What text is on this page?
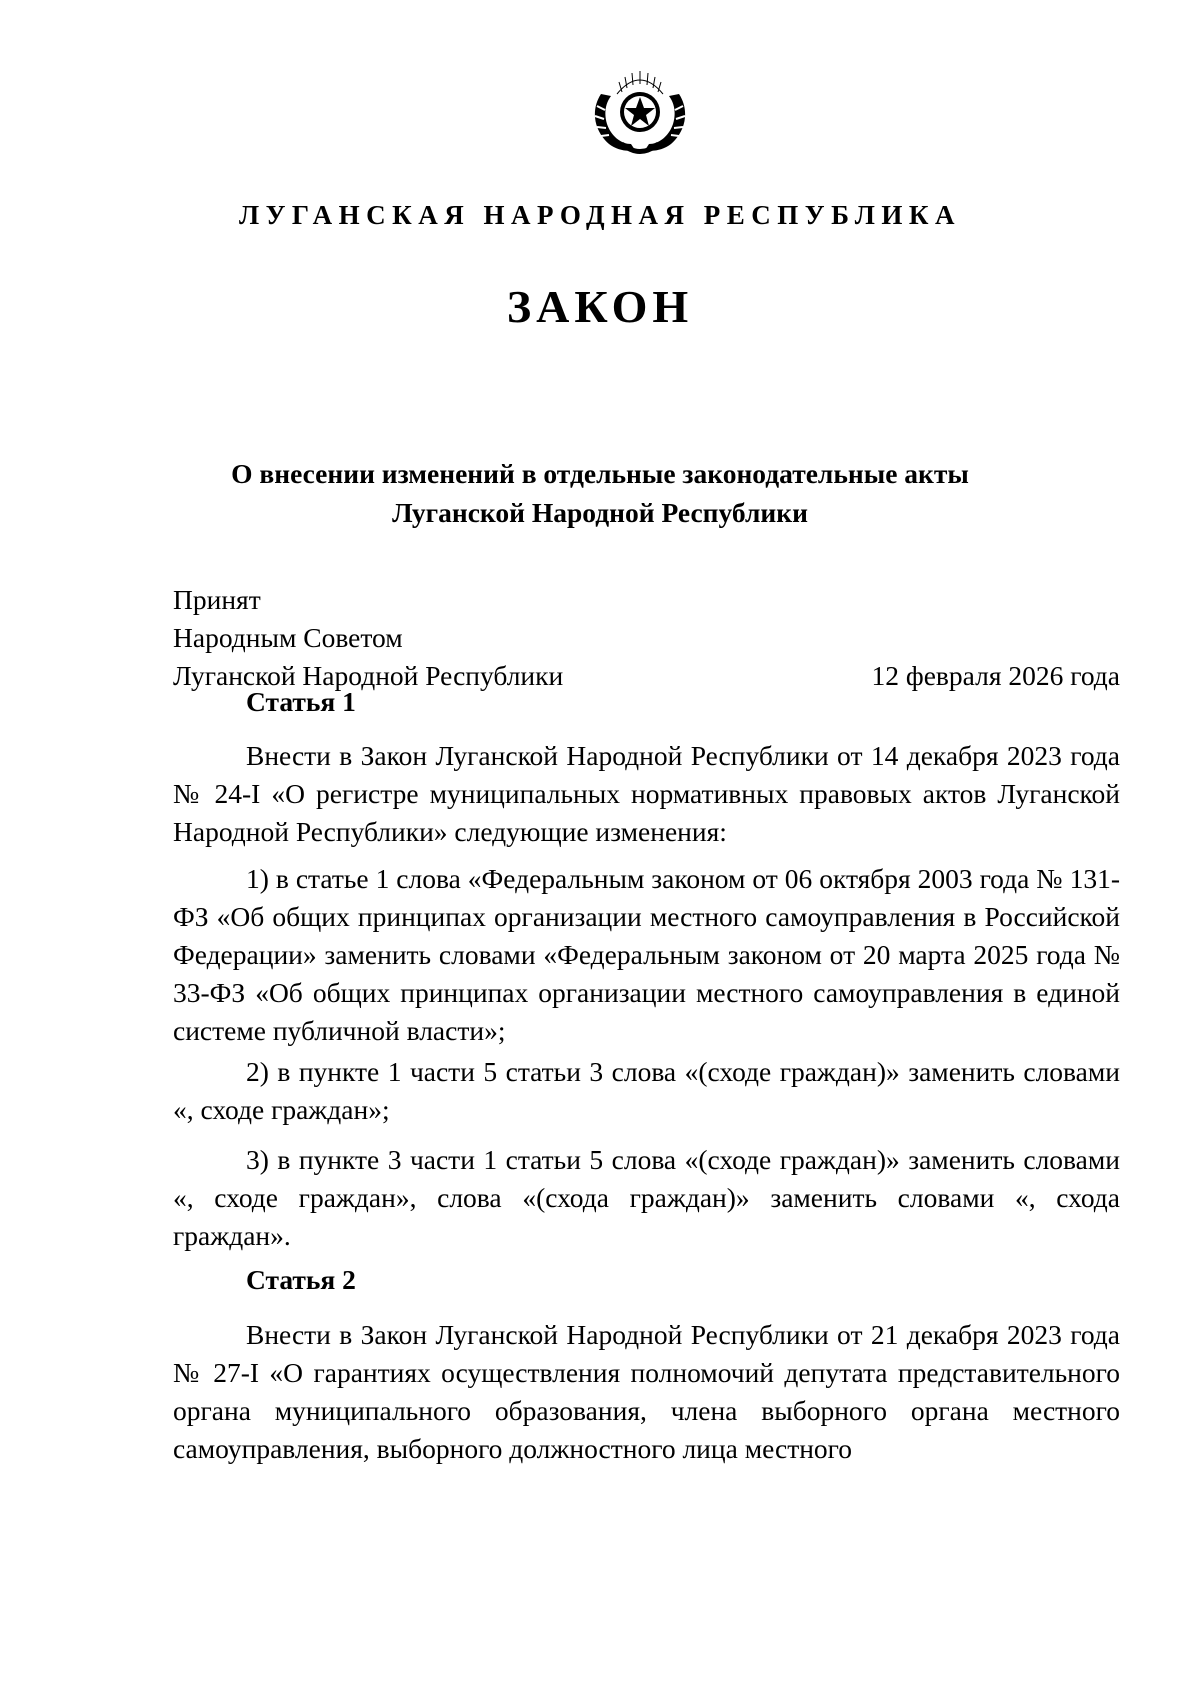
ЛУГАНСКАЯ НАРОДНАЯ РЕСПУБЛИКА
ЗАКОН
О внесении изменений в отдельные законодательные акты
Луганской Народной Республики
Принят
Народным Советом
Луганской Народной Республики	12 февраля 2026 года
Статья 1
Внести в Закон Луганской Народной Республики от 14 декабря 2023 года № 24-I «О регистре муниципальных нормативных правовых актов Луганской Народной Республики» следующие изменения:
1) в статье 1 слова «Федеральным законом от 06 октября 2003 года № 131-ФЗ «Об общих принципах организации местного самоуправления в Российской Федерации» заменить словами «Федеральным законом от 20 марта 2025 года № 33-ФЗ «Об общих принципах организации местного самоуправления в единой системе публичной власти»;
2) в пункте 1 части 5 статьи 3 слова «(сходе граждан)» заменить словами «, сходе граждан»;
3) в пункте 3 части 1 статьи 5 слова «(сходе граждан)» заменить словами «, сходе граждан», слова «(схода граждан)» заменить словами «, схода граждан».
Статья 2
Внести в Закон Луганской Народной Республики от 21 декабря 2023 года № 27-I «О гарантиях осуществления полномочий депутата представительного органа муниципального образования, члена выборного органа местного самоуправления, выборного должностного лица местного
